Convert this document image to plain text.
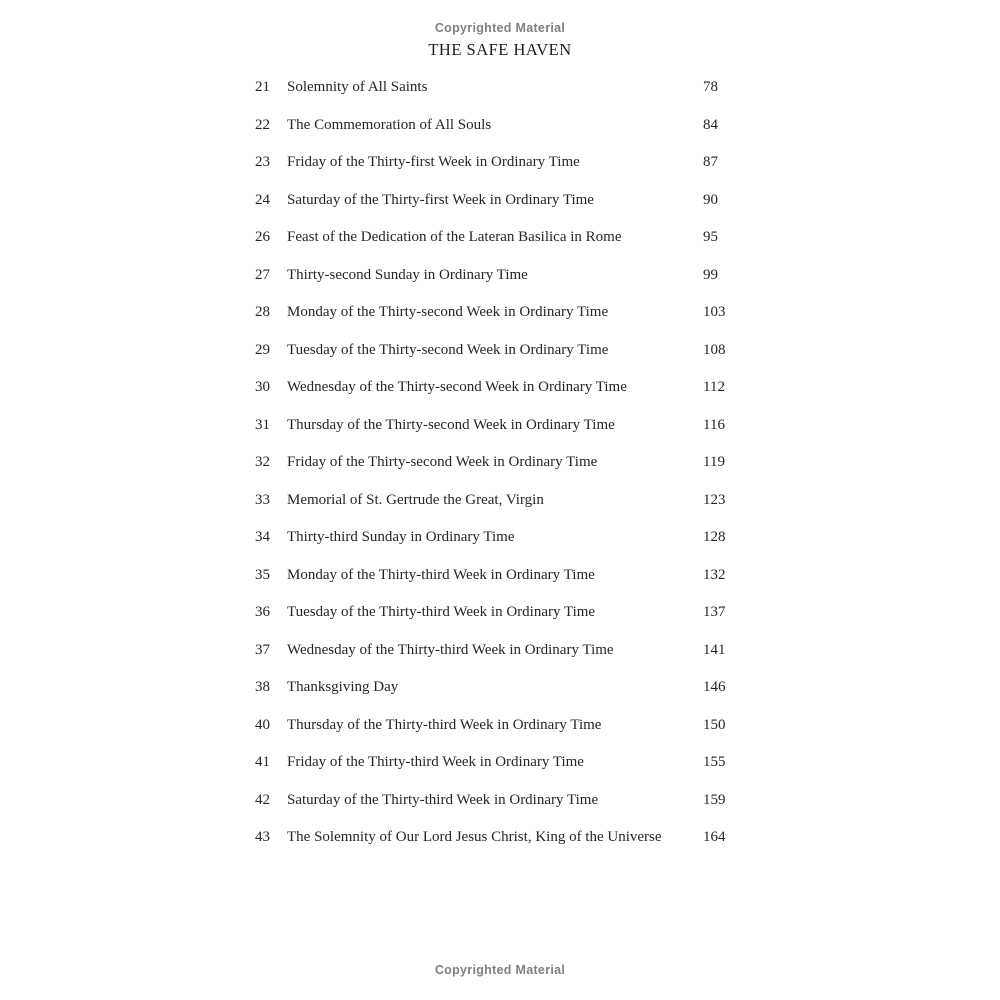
Copyrighted Material
THE SAFE HAVEN
21	Solemnity of All Saints	78
22	The Commemoration of All Souls	84
23	Friday of the Thirty-first Week in Ordinary Time	87
24	Saturday of the Thirty-first Week in Ordinary Time	90
26	Feast of the Dedication of the Lateran Basilica in Rome	95
27	Thirty-second Sunday in Ordinary Time	99
28	Monday of the Thirty-second Week in Ordinary Time	103
29	Tuesday of the Thirty-second Week in Ordinary Time	108
30	Wednesday of the Thirty-second Week in Ordinary Time	112
31	Thursday of the Thirty-second Week in Ordinary Time	116
32	Friday of the Thirty-second Week in Ordinary Time	119
33	Memorial of St. Gertrude the Great, Virgin	123
34	Thirty-third Sunday in Ordinary Time	128
35	Monday of the Thirty-third Week in Ordinary Time	132
36	Tuesday of the Thirty-third Week in Ordinary Time	137
37	Wednesday of the Thirty-third Week in Ordinary Time	141
38	Thanksgiving Day	146
40	Thursday of the Thirty-third Week in Ordinary Time	150
41	Friday of the Thirty-third Week in Ordinary Time	155
42	Saturday of the Thirty-third Week in Ordinary Time	159
43	The Solemnity of Our Lord Jesus Christ, King of the Universe	164
Copyrighted Material
